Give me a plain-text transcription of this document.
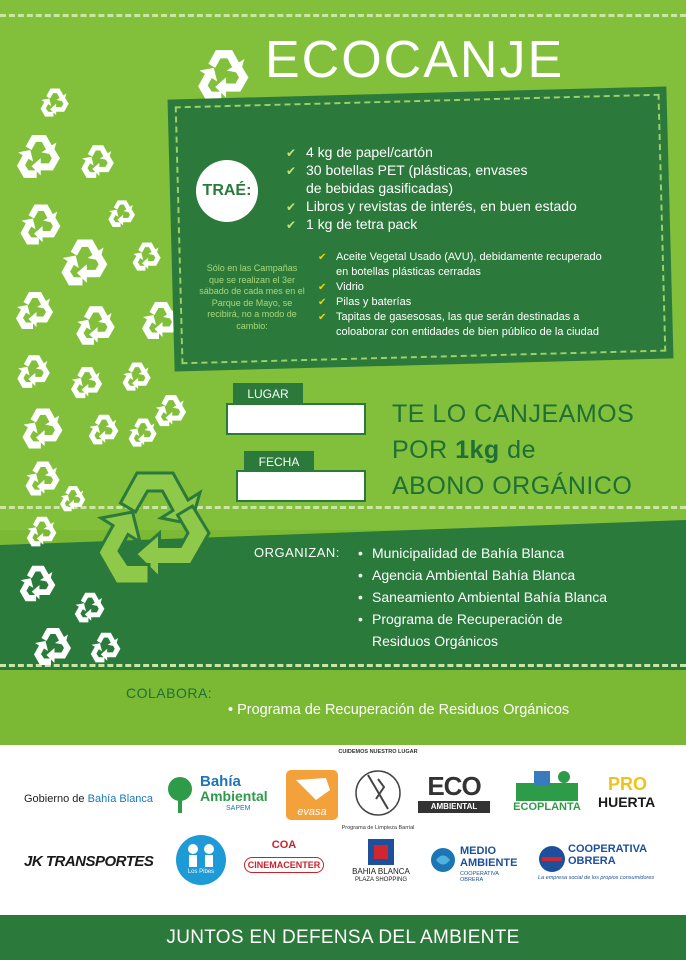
ECOCANJE
TRAÉ:
✔ 4 kg de papel/cartón
✔ 30 botellas PET (plásticas, envases
de bebidas gasificadas)
✔ Libros y revistas de interés, en buen estado
✔ 1 kg de tetra pack
Sólo en las Campañas que se realizan el 3er sábado de cada mes en el Parque de Mayo, se recibirá, no a modo de cambio:
✔ Aceite Vegetal Usado (AVU), debidamente recuperado
en botellas plásticas cerradas
✔ Vidrio
✔ Pilas y baterías
✔ Tapitas de gasesosas, las que serán destinadas a
coloaborar con entidades de bien público de la ciudad
LUGAR
FECHA
TE LO CANJEAMOS
POR 1kg de
ABONO ORGÁNICO
ORGANIZAN:
•	Municipalidad de Bahía Blanca
• Agencia Ambiental Bahía Blanca
• Saneamiento Ambiental Bahía Blanca
• Programa de Recuperación de
Residuos Orgánicos
COLABORA:
• Programa de Recuperación de Residuos Orgánicos
Gobierno de Bahía Blanca
Bahía
Ambiental
SAPEM	evasa
CUIDEMOS NUESTRO LUGAR
Programa de Limpieza Barrial
ECO
AMBIENTAL	ECOPLANTA
PRO
HUERTA
JK TRANSPORTES
Los Pibes
COA
CINEMACENTER
BAHIA BLANCA
PLAZA SHOPPING
MEDIO
AMBIENTE
COOPERATIVA OBRERA
COOPERATIVA
OBRERA
La empresa social de los propios consumidores
JUNTOS EN DEFENSA DEL AMBIENTE
